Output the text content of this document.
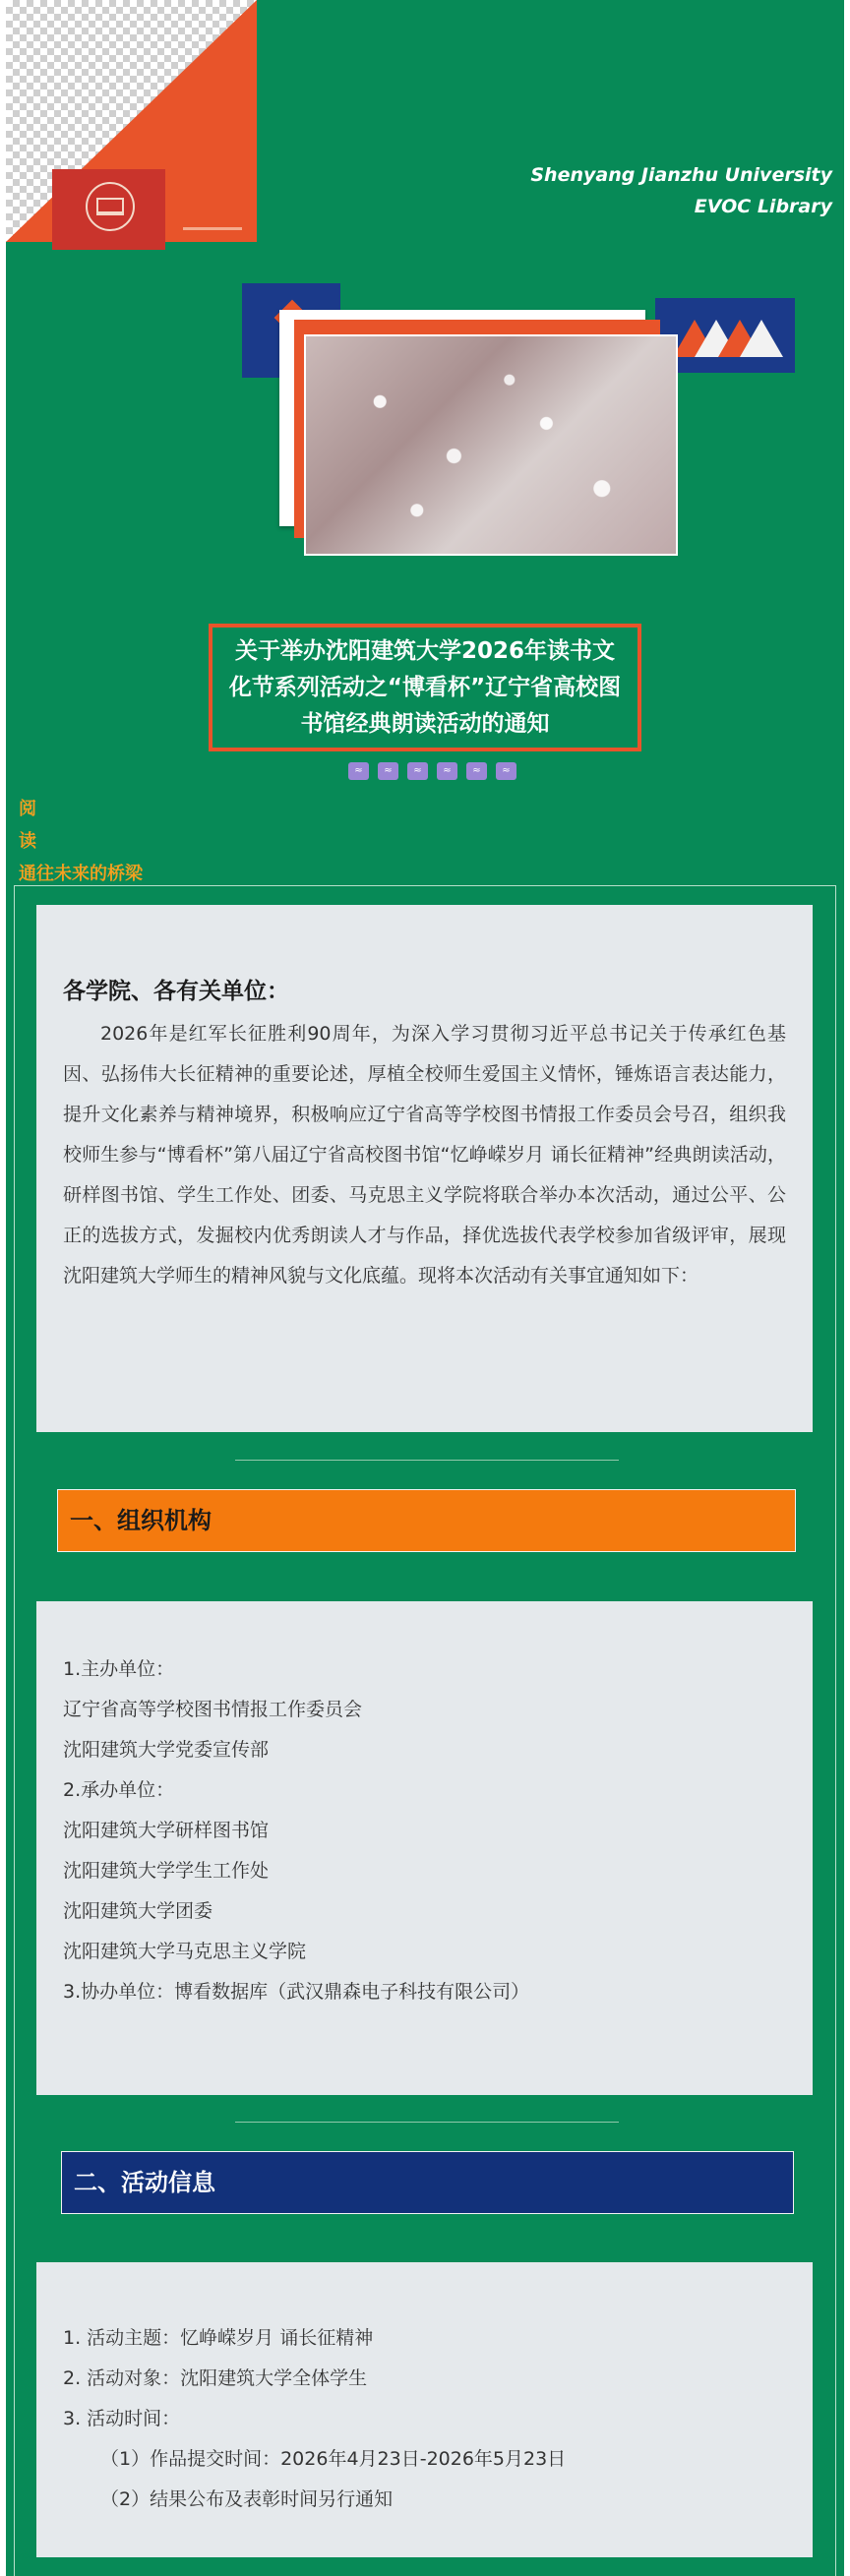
Shenyang Jianzhu University
EVOC Library
关于举办沈阳建筑大学2026年读书文化节系列活动之“博看杯”辽宁省高校图书馆经典朗读活动的通知
≈	≈	≈	≈	≈	≈
阅
读
通往未来的桥梁
各学院、各有关单位：
2026年是红军长征胜利90周年，为深入学习贯彻习近平总书记关于传承红色基因、弘扬伟大长征精神的重要论述，厚植全校师生爱国主义情怀，锤炼语言表达能力，提升文化素养与精神境界，积极响应辽宁省高等学校图书情报工作委员会号召，组织我校师生参与“博看杯”第八届辽宁省高校图书馆“忆峥嵘岁月 诵长征精神”经典朗读活动，研样图书馆、学生工作处、团委、马克思主义学院将联合举办本次活动，通过公平、公正的选拔方式，发掘校内优秀朗读人才与作品，择优选拔代表学校参加省级评审，展现沈阳建筑大学师生的精神风貌与文化底蕴。现将本次活动有关事宜通知如下：
一、组织机构
1.主办单位：
辽宁省高等学校图书情报工作委员会
沈阳建筑大学党委宣传部
2.承办单位：
沈阳建筑大学研样图书馆
沈阳建筑大学学生工作处
沈阳建筑大学团委
沈阳建筑大学马克思主义学院
3.协办单位：博看数据库（武汉鼎森电子科技有限公司）
二、活动信息
1. 活动主题：忆峥嵘岁月 诵长征精神
2. 活动对象：沈阳建筑大学全体学生
3. 活动时间：
（1）作品提交时间：2026年4月23日-2026年5月23日
（2）结果公布及表彰时间另行通知
